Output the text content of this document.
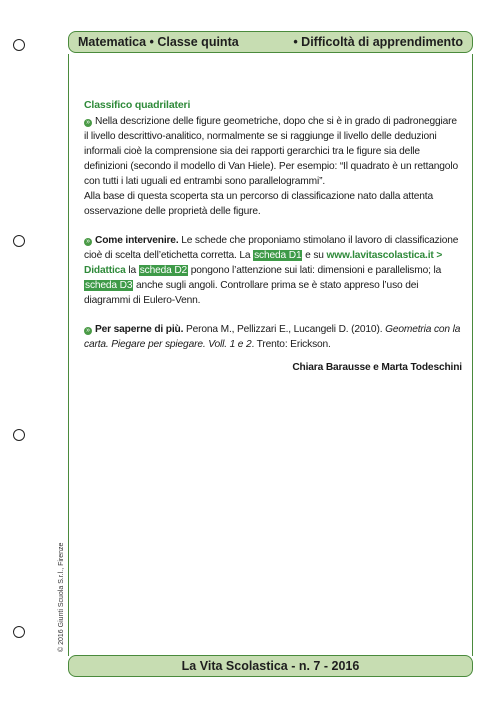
Matematica • Classe quinta	• Difficoltà di apprendimento
© 2016 Giunti Scuola S.r.l., Firenze
Classifico quadrilateri

» Nella descrizione delle figure geometriche, dopo che si è in grado di padroneggiare il livello descrittivo-analitico, normalmente se si raggiunge il livello delle deduzioni informali cioè la comprensione sia dei rapporti gerarchici tra le figure sia delle definizioni (secondo il modello di Van Hiele). Per esempio: “Il quadrato è un rettangolo con tutti i lati uguali ed entrambi sono parallelogrammi”.

Alla base di questa scoperta sta un percorso di classificazione nato dalla attenta osservazione delle proprietà delle figure.

» Come intervenire. Le schede che proponiamo stimolano il lavoro di classificazione cioè di scelta dell’etichetta corretta. La scheda D1 e su www.lavitascolastica.it > Didattica la scheda D2 pongono l’attenzione sui lati: dimensioni e parallelismo; la scheda D3 anche sugli angoli. Controllare prima se è stato appreso l’uso dei diagrammi di Eulero-Venn.

» Per saperne di più. Perona M., Pellizzari E., Lucangeli D. (2010). Geometria con la carta. Piegare per spiegare. Voll. 1 e 2. Trento: Erickson.

Chiara Barausse e Marta Todeschini
La Vita Scolastica - n. 7 - 2016
